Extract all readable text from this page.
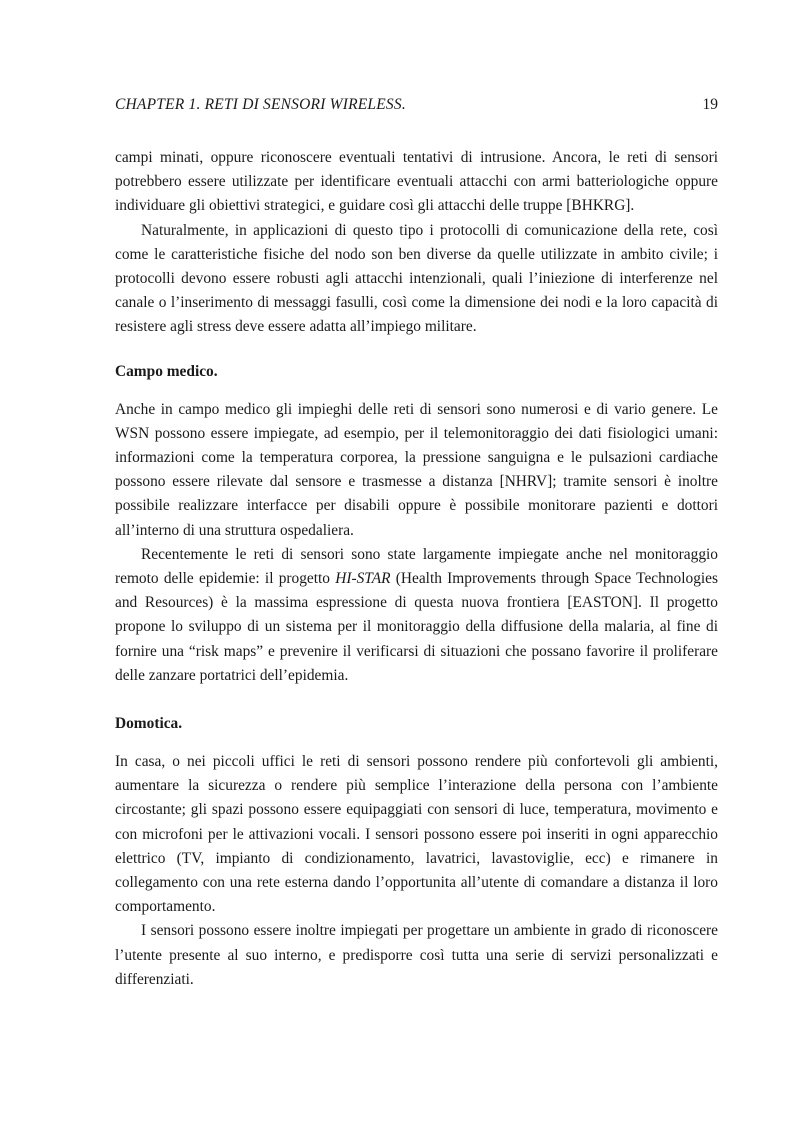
CHAPTER 1. RETI DI SENSORI WIRELESS.	19

campi minati, oppure riconoscere eventuali tentativi di intrusione. Ancora, le reti di sensori potrebbero essere utilizzate per identificare eventuali attacchi con armi batteriologiche oppure individuare gli obiettivi strategici, e guidare così gli attacchi delle truppe [BHKRG].

Naturalmente, in applicazioni di questo tipo i protocolli di comunicazione della rete, così come le caratteristiche fisiche del nodo son ben diverse da quelle utilizzate in ambito civile; i protocolli devono essere robusti agli attacchi intenzionali, quali l’iniezione di interferenze nel canale o l’inserimento di messaggi fasulli, così come la dimensione dei nodi e la loro capacità di resistere agli stress deve essere adatta all’impiego militare.

Campo medico.

Anche in campo medico gli impieghi delle reti di sensori sono numerosi e di vario genere. Le WSN possono essere impiegate, ad esempio, per il telemonitoraggio dei dati fisiologici umani: informazioni come la temperatura corporea, la pressione sanguigna e le pulsazioni cardiache possono essere rilevate dal sensore e trasmesse a distanza [NHRV]; tramite sensori è inoltre possibile realizzare interfacce per disabili oppure è possibile monitorare pazienti e dottori all’interno di una struttura ospedaliera.

Recentemente le reti di sensori sono state largamente impiegate anche nel monitoraggio remoto delle epidemie: il progetto HI-STAR (Health Improvements through Space Technologies and Resources) è la massima espressione di questa nuova frontiera [EASTON]. Il progetto propone lo sviluppo di un sistema per il monitoraggio della diffusione della malaria, al fine di fornire una “risk maps” e prevenire il verificarsi di situazioni che possano favorire il proliferare delle zanzare portatrici dell’epidemia.

Domotica.

In casa, o nei piccoli uffici le reti di sensori possono rendere più confortevoli gli ambienti, aumentare la sicurezza o rendere più semplice l’interazione della persona con l’ambiente circostante; gli spazi possono essere equipaggiati con sensori di luce, temperatura, movimento e con microfoni per le attivazioni vocali. I sensori possono essere poi inseriti in ogni apparecchio elettrico (TV, impianto di condizionamento, lavatrici, lavastoviglie, ecc) e rimanere in collegamento con una rete esterna dando l’opportunita all’utente di comandare a distanza il loro comportamento.

I sensori possono essere inoltre impiegati per progettare un ambiente in grado di riconoscere l’utente presente al suo interno, e predisporre così tutta una serie di servizi personalizzati e differenziati.
